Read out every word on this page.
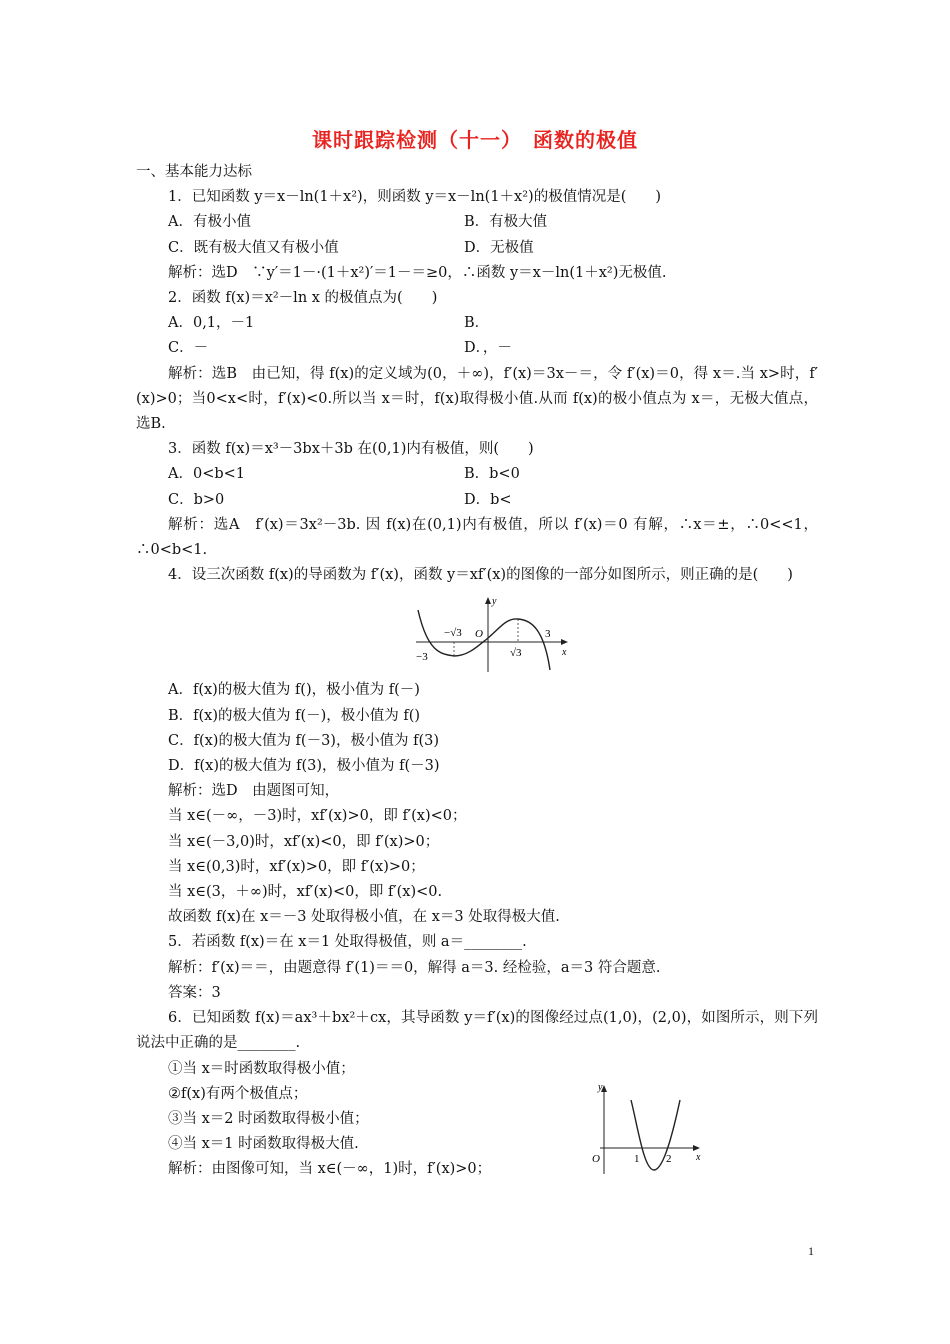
课时跟踪检测（十一）　函数的极值

一、基本能力达标

1．已知函数 y＝x－ln(1＋x²)，则函数 y＝x－ln(1＋x²)的极值情况是(　　)

A．有极小值	B．有极大值
C．既有极大值又有极小值	D．无极值

解析：选D　∵y′＝1－·(1＋x²)′＝1－＝≥0，∴函数 y＝x－ln(1＋x²)无极值.

2．函数 f(x)＝x²－ln x 的极值点为(　　)

A．0,1，－1	B．
C．－	D．，－

解析：选B　由已知，得 f(x)的定义域为(0，＋∞)，f′(x)＝3x－＝，令 f′(x)＝0，得 x＝.当 x>时，f′(x)>0；当0<x<时，f′(x)<0.所以当 x＝时，f(x)取得极小值.从而 f(x)的极小值点为 x＝，无极大值点，选B.

3．函数 f(x)＝x³－3bx＋3b 在(0,1)内有极值，则(　　)

A．0<b<1	B．b<0
C．b>0	D．b<

解析：选A　f′(x)＝3x²－3b. 因 f(x)在(0,1)内有极值，所以 f′(x)＝0 有解，∴x＝±，∴0<<1，∴0<b<1.

4．设三次函数 f(x)的导函数为 f′(x)，函数 y＝xf′(x)的图像的一部分如图所示，则正确的是(　　)

y
x
O
−3
−√3
√3
3

A．f(x)的极大值为 f()，极小值为 f(－)

B．f(x)的极大值为 f(－)，极小值为 f()

C．f(x)的极大值为 f(－3)，极小值为 f(3)

D．f(x)的极大值为 f(3)，极小值为 f(－3)

解析：选D　由题图可知，

当 x∈(－∞，－3)时，xf′(x)>0，即 f′(x)<0；

当 x∈(－3,0)时，xf′(x)<0，即 f′(x)>0；

当 x∈(0,3)时，xf′(x)>0，即 f′(x)>0；

当 x∈(3，＋∞)时，xf′(x)<0，即 f′(x)<0.

故函数 f(x)在 x＝－3 处取得极小值，在 x＝3 处取得极大值.

5．若函数 f(x)＝在 x＝1 处取得极值，则 a＝________.

解析：f′(x)＝＝，由题意得 f′(1)＝＝0，解得 a＝3. 经检验，a＝3 符合题意.

答案：3

6．已知函数 f(x)＝ax³＋bx²＋cx，其导函数 y＝f′(x)的图像经过点(1,0)，(2,0)，如图所示，则下列说法中正确的是________.

①当 x＝时函数取得极小值；

②f(x)有两个极值点；

③当 x＝2 时函数取得极小值；

④当 x＝1 时函数取得极大值.

解析：由图像可知，当 x∈(－∞，1)时，f′(x)>0；

y
x
O	1 2
1
